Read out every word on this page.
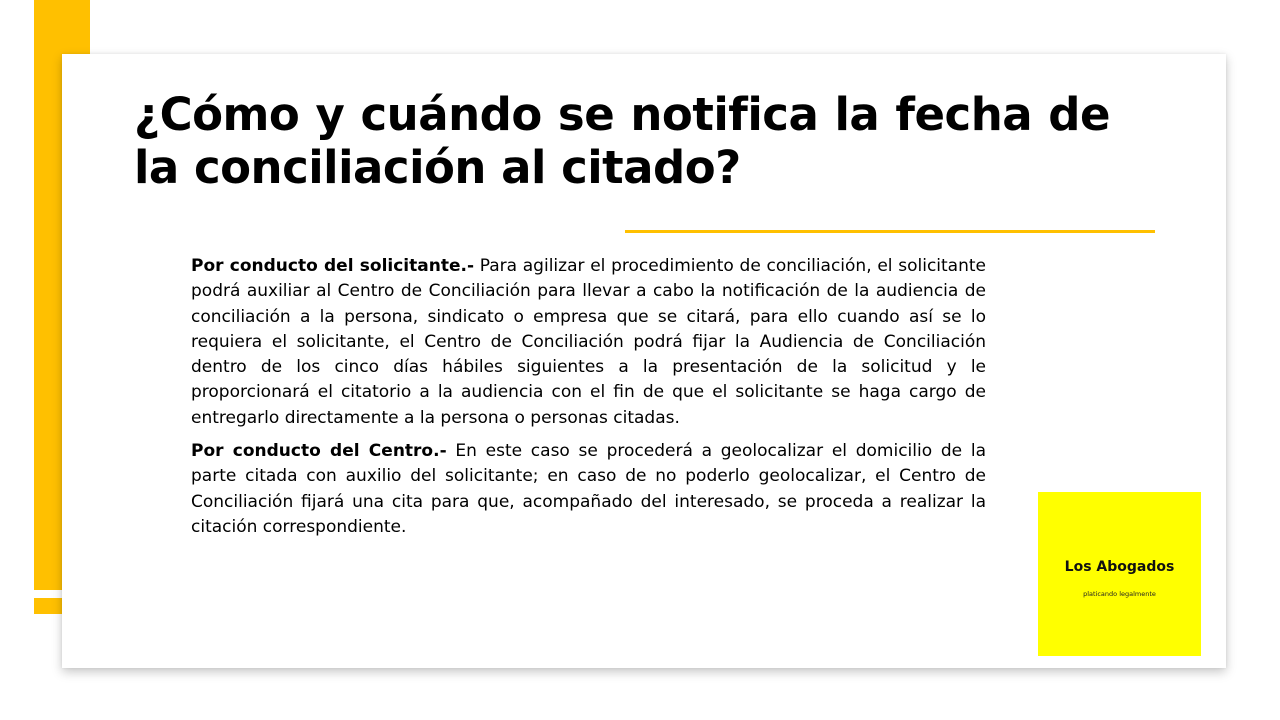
¿Cómo y cuándo se notifica la fecha de la conciliación al citado?

Por conducto del solicitante.- Para agilizar el procedimiento de conciliación, el solicitante podrá auxiliar al Centro de Conciliación para llevar a cabo la notificación de la audiencia de conciliación a la persona, sindicato o empresa que se citará, para ello cuando así se lo requiera el solicitante, el Centro de Conciliación podrá fijar la Audiencia de Conciliación dentro de los cinco días hábiles siguientes a la presentación de la solicitud y le proporcionará el citatorio a la audiencia con el fin de que el solicitante se haga cargo de entregarlo directamente a la persona o personas citadas.

Por conducto del Centro.- En este caso se procederá a geolocalizar el domicilio de la parte citada con auxilio del solicitante; en caso de no poderlo geolocalizar, el Centro de Conciliación fijará una cita para que, acompañado del interesado, se proceda a realizar la citación correspondiente.

Los Abogados
platicando legalmente
